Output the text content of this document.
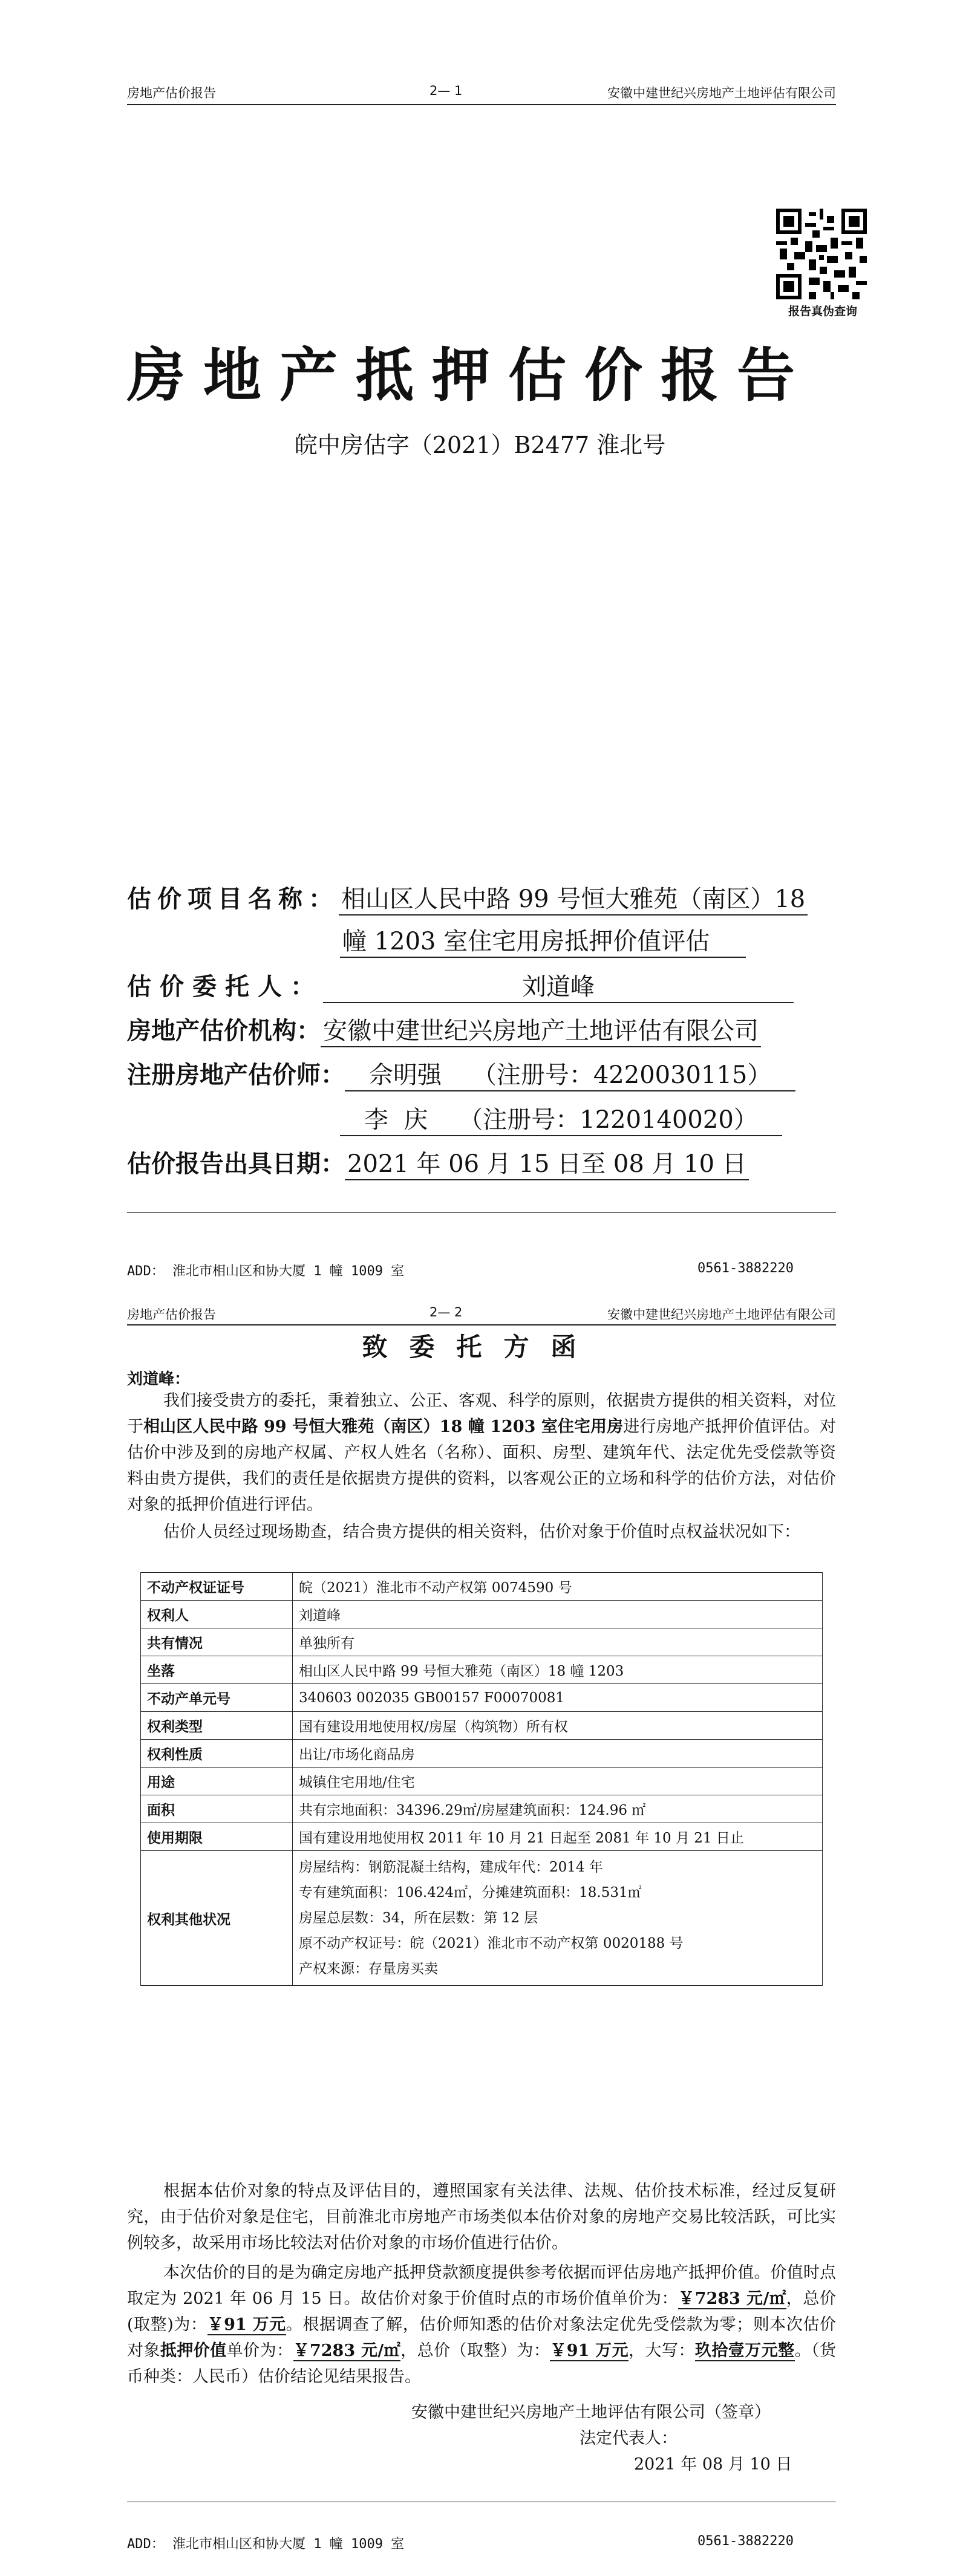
房地产估价报告	2— 1	安徽中建世纪兴房地产土地评估有限公司
报告真伪查询
房地产抵押估价报告
皖中房估字（2021）B2477 淮北号
估价项目名称： 相山区人民中路 99 号恒大雅苑（南区）18
幢 1203 室住宅用房抵押价值评估
估价委托人：	刘道峰
房地产估价机构： 安徽中建世纪兴房地产土地评估有限公司
注册房地产估价师： 佘明强    （注册号：4220030115）
李  庆    （注册号：1220140020）
估价报告出具日期： 2021 年 06 月 15 日至 08 月 10 日
ADD： 淮北市相山区和协大厦 1 幢 1009 室	0561-3882220
房地产估价报告	2— 2	安徽中建世纪兴房地产土地评估有限公司
致委托方函
刘道峰：
我们接受贵方的委托，秉着独立、公正、客观、科学的原则，依据贵方提供的相关资料，对位于相山区人民中路 99 号恒大雅苑（南区）18 幢 1203 室住宅用房进行房地产抵押价值评估。对估价中涉及到的房地产权属、产权人姓名（名称）、面积、房型、建筑年代、法定优先受偿款等资料由贵方提供，我们的责任是依据贵方提供的资料，以客观公正的立场和科学的估价方法，对估价对象的抵押价值进行评估。
估价人员经过现场勘查，结合贵方提供的相关资料，估价对象于价值时点权益状况如下：
不动产权证证号	皖（2021）淮北市不动产权第 0074590 号
权利人	刘道峰
共有情况	单独所有
坐落	相山区人民中路 99 号恒大雅苑（南区）18 幢 1203
不动产单元号	340603 002035 GB00157 F00070081
权利类型	国有建设用地使用权/房屋（构筑物）所有权
权利性质	出让/市场化商品房
用途	城镇住宅用地/住宅
面积	共有宗地面积：34396.29㎡/房屋建筑面积：124.96 ㎡
使用期限	国有建设用地使用权 2011 年 10 月 21 日起至 2081 年 10 月 21 日止
权利其他状况	房屋结构：钢筋混凝土结构，建成年代：2014 年
专有建筑面积：106.424㎡，分摊建筑面积：18.531㎡
房屋总层数：34，所在层数：第 12 层
原不动产权证号：皖（2021）淮北市不动产权第 0020188 号
产权来源：存量房买卖
根据本估价对象的特点及评估目的，遵照国家有关法律、法规、估价技术标准，经过反复研究，由于估价对象是住宅，目前淮北市房地产市场类似本估价对象的房地产交易比较活跃，可比实例较多，故采用市场比较法对估价对象的市场价值进行估价。
本次估价的目的是为确定房地产抵押贷款额度提供参考依据而评估房地产抵押价值。价值时点取定为 2021 年 06 月 15 日。故估价对象于价值时点的市场价值单价为：￥7283 元/㎡，总价(取整)为：￥91 万元。根据调查了解，估价师知悉的估价对象法定优先受偿款为零；则本次估价对象抵押价值单价为：￥7283 元/㎡，总价（取整）为：￥91 万元，大写：玖拾壹万元整。（货币种类：人民币）估价结论见结果报告。
安徽中建世纪兴房地产土地评估有限公司（签章）
法定代表人：
2021 年 08 月 10 日
ADD： 淮北市相山区和协大厦 1 幢 1009 室	0561-3882220
